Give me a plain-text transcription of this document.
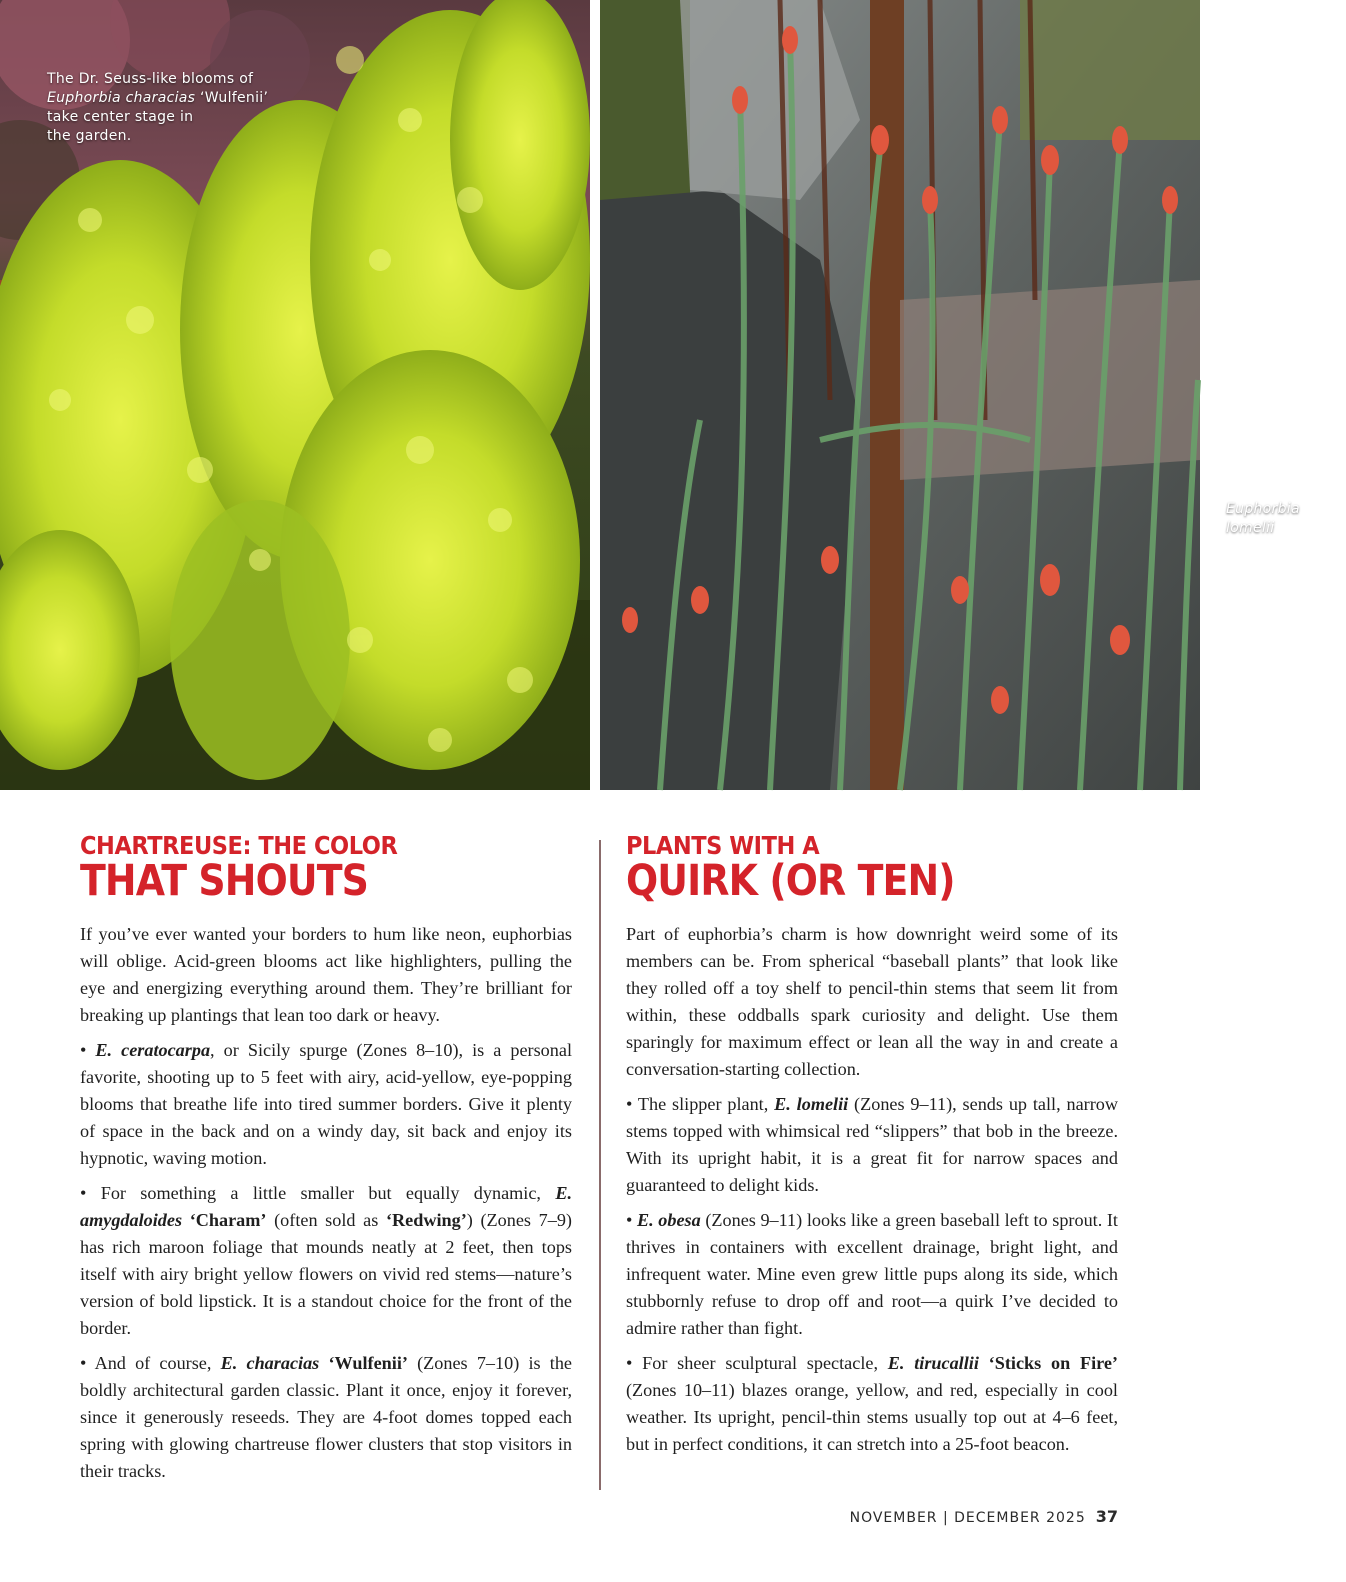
The Dr. Seuss-like blooms of
Euphorbia characias ‘Wulfenii’
take center stage in
the garden.
Euphorbia
lomelii
CHARTREUSE: THE COLOR
THAT SHOUTS

If you’ve ever wanted your borders to hum like neon, euphorbias will oblige. Acid-green blooms act like highlighters, pulling the eye and energizing everything around them. They’re brilliant for breaking up plantings that lean too dark or heavy.

• E. ceratocarpa, or Sicily spurge (Zones 8–10), is a personal favorite, shooting up to 5 feet with airy, acid-yellow, eye-popping blooms that breathe life into tired summer borders. Give it plenty of space in the back and on a windy day, sit back and enjoy its hypnotic, waving motion.

• For something a little smaller but equally dynamic, E. amygdaloides ‘Charam’ (often sold as ‘Redwing’) (Zones 7–9) has rich maroon foliage that mounds neatly at 2 feet, then tops itself with airy bright yellow flowers on vivid red stems—nature’s version of bold lipstick. It is a standout choice for the front of the border.

• And of course, E. characias ‘Wulfenii’ (Zones 7–10) is the boldly architectural garden classic. Plant it once, enjoy it forever, since it generously reseeds. They are 4-foot domes topped each spring with glowing chartreuse flower clusters that stop visitors in their tracks.

PLANTS WITH A
QUIRK (OR TEN)

Part of euphorbia’s charm is how downright weird some of its members can be. From spherical “baseball plants” that look like they rolled off a toy shelf to pencil-thin stems that seem lit from within, these oddballs spark curiosity and delight. Use them sparingly for maximum effect or lean all the way in and create a conversation-starting collection.

• The slipper plant, E. lomelii (Zones 9–11), sends up tall, narrow stems topped with whimsical red “slippers” that bob in the breeze. With its upright habit, it is a great fit for narrow spaces and guaranteed to delight kids.

• E. obesa (Zones 9–11) looks like a green baseball left to sprout. It thrives in containers with excellent drainage, bright light, and infrequent water. Mine even grew little pups along its side, which stubbornly refuse to drop off and root—a quirk I’ve decided to admire rather than fight.

• For sheer sculptural spectacle, E. tirucallii ‘Sticks on Fire’ (Zones 10–11) blazes orange, yellow, and red, especially in cool weather. Its upright, pencil-thin stems usually top out at 4–6 feet, but in perfect conditions, it can stretch into a 25-foot beacon.

NOVEMBER | DECEMBER 2025 37
